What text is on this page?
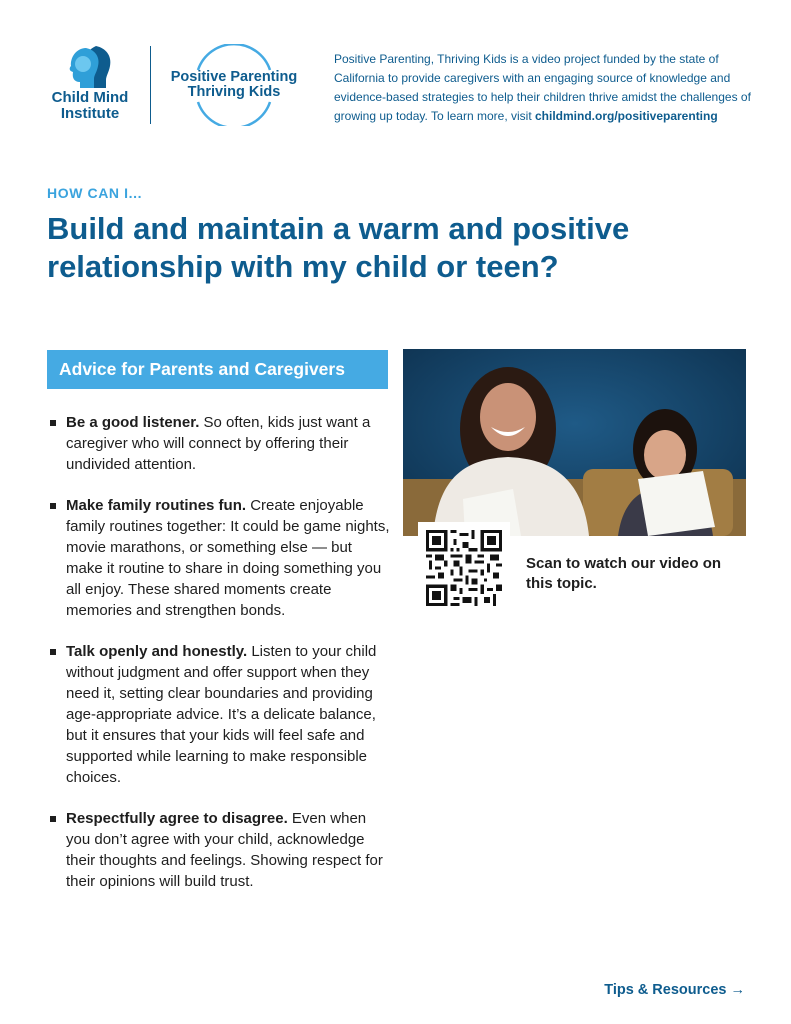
Child Mind
Institute
Positive Parenting
Thriving Kids
Positive Parenting, Thriving Kids is a video project funded by the state of California to provide caregivers with an engaging source of knowledge and evidence-based strategies to help their children thrive amidst the challenges of growing up today. To learn more, visit childmind.org/positiveparenting
HOW CAN I...
Build and maintain a warm and positive relationship with my child or teen?
Advice for Parents and Caregivers
Be a good listener. So often, kids just want a caregiver who will connect by offering their undivided attention.
Make family routines fun. Create enjoyable family routines together: It could be game nights, movie marathons, or something else — but make it routine to share in doing something you all enjoy. These shared moments create memories and strengthen bonds.
Talk openly and honestly. Listen to your child without judgment and offer support when they need it, setting clear boundaries and providing age-appropriate advice. It’s a delicate balance, but it ensures that your kids will feel safe and supported while learning to make responsible choices.
Respectfully agree to disagree. Even when you don’t agree with your child, acknowledge their thoughts and feelings. Showing respect for their opinions will build trust.
Scan to watch our video on this topic.
Tips & Resources →
